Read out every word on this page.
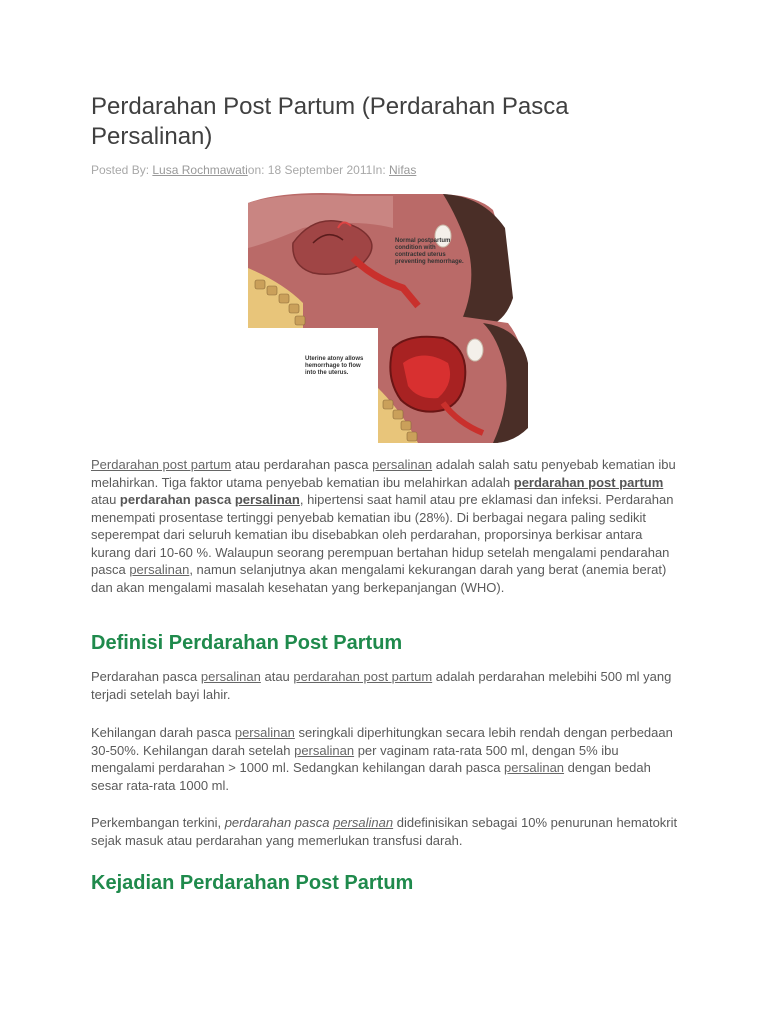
Perdarahan Post Partum (Perdarahan Pasca Persalinan)
Posted By: Lusa Rochmawation: 18 September 2011In: Nifas
Normal postpartum
condition with
contracted uterus
preventing hemorrhage.
Uterine atony allows
hemorrhage to flow
into the uterus.

Perdarahan post partum atau perdarahan pasca persalinan adalah salah satu penyebab kematian ibu melahirkan. Tiga faktor utama penyebab kematian ibu melahirkan adalah perdarahan post partum atau perdarahan pasca persalinan, hipertensi saat hamil atau pre eklamasi dan infeksi. Perdarahan menempati prosentase tertinggi penyebab kematian ibu (28%). Di berbagai negara paling sedikit seperempat dari seluruh kematian ibu disebabkan oleh perdarahan, proporsinya berkisar antara kurang dari 10-60 %. Walaupun seorang perempuan bertahan hidup setelah mengalami pendarahan pasca persalinan, namun selanjutnya akan mengalami kekurangan darah yang berat (anemia berat) dan akan mengalami masalah kesehatan yang berkepanjangan (WHO).

Definisi Perdarahan Post Partum

Perdarahan pasca persalinan atau perdarahan post partum adalah perdarahan melebihi 500 ml yang terjadi setelah bayi lahir.

Kehilangan darah pasca persalinan seringkali diperhitungkan secara lebih rendah dengan perbedaan 30-50%. Kehilangan darah setelah persalinan per vaginam rata-rata 500 ml, dengan 5% ibu mengalami perdarahan > 1000 ml. Sedangkan kehilangan darah pasca persalinan dengan bedah sesar rata-rata 1000 ml.

Perkembangan terkini, perdarahan pasca persalinan didefinisikan sebagai 10% penurunan hematokrit sejak masuk atau perdarahan yang memerlukan transfusi darah.

Kejadian Perdarahan Post Partum
